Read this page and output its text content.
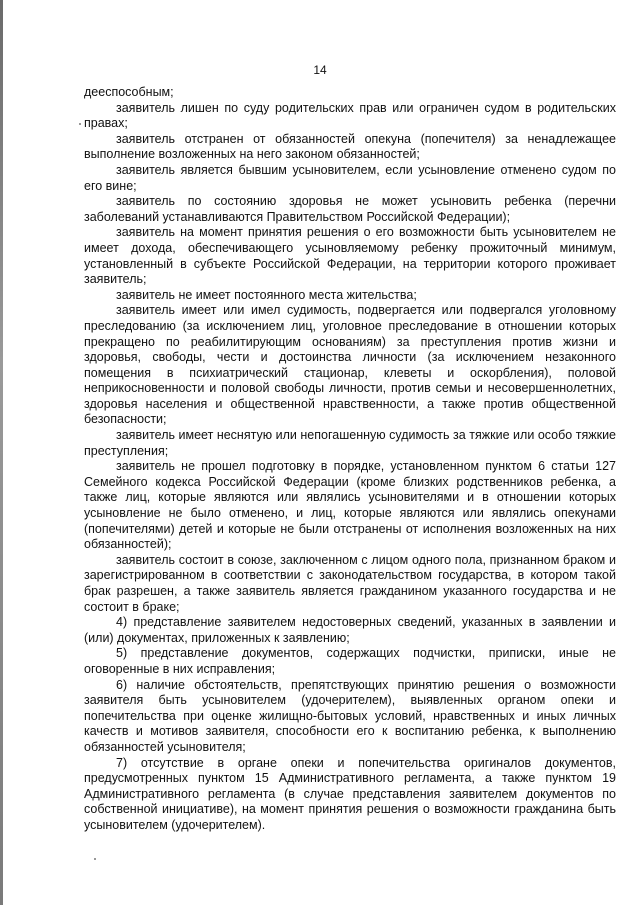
14

дееспособным;

заявитель лишен по суду родительских прав или ограничен судом в родительских правах;

заявитель отстранен от обязанностей опекуна (попечителя) за ненадлежащее выполнение возложенных на него законом обязанностей;

заявитель является бывшим усыновителем, если усыновление отменено судом по его вине;

заявитель по состоянию здоровья не может усыновить ребенка (перечни заболеваний устанавливаются Правительством Российской Федерации);

заявитель на момент принятия решения о его возможности быть усыновителем не имеет дохода, обеспечивающего усыновляемому ребенку прожиточный минимум, установленный в субъекте Российской Федерации, на территории которого проживает заявитель;

заявитель не имеет постоянного места жительства;

заявитель имеет или имел судимость, подвергается или подвергался уголовному преследованию (за исключением лиц, уголовное преследование в отношении которых прекращено по реабилитирующим основаниям) за преступления против жизни и здоровья, свободы, чести и достоинства личности (за исключением незаконного помещения в психиатрический стационар, клеветы и оскорбления), половой неприкосновенности и половой свободы личности, против семьи и несовершеннолетних, здоровья населения и общественной нравственности, а также против общественной безопасности;

заявитель имеет неснятую или непогашенную судимость за тяжкие или особо тяжкие преступления;

заявитель не прошел подготовку в порядке, установленном пунктом 6 статьи 127 Семейного кодекса Российской Федерации (кроме близких родственников ребенка, а также лиц, которые являются или являлись усыновителями и в отношении которых усыновление не было отменено, и лиц, которые являются или являлись опекунами (попечителями) детей и которые не были отстранены от исполнения возложенных на них обязанностей);

заявитель состоит в союзе, заключенном с лицом одного пола, признанном браком и зарегистрированном в соответствии с законодательством государства, в котором такой брак разрешен, а также заявитель является гражданином указанного государства и не состоит в браке;

4) представление заявителем недостоверных сведений, указанных в заявлении и (или) документах, приложенных к заявлению;

5) представление документов, содержащих подчистки, приписки, иные не оговоренные в них исправления;

6) наличие обстоятельств, препятствующих принятию решения о возможности заявителя быть усыновителем (удочерителем), выявленных органом опеки и попечительства при оценке жилищно-бытовых условий, нравственных и иных личных качеств и мотивов заявителя, способности его к воспитанию ребенка, к выполнению обязанностей усыновителя;

7) отсутствие в органе опеки и попечительства оригиналов документов, предусмотренных пунктом 15 Административного регламента, а также пунктом 19 Административного регламента (в случае представления заявителем документов по собственной инициативе), на момент принятия решения о возможности гражданина быть усыновителем (удочерителем).
